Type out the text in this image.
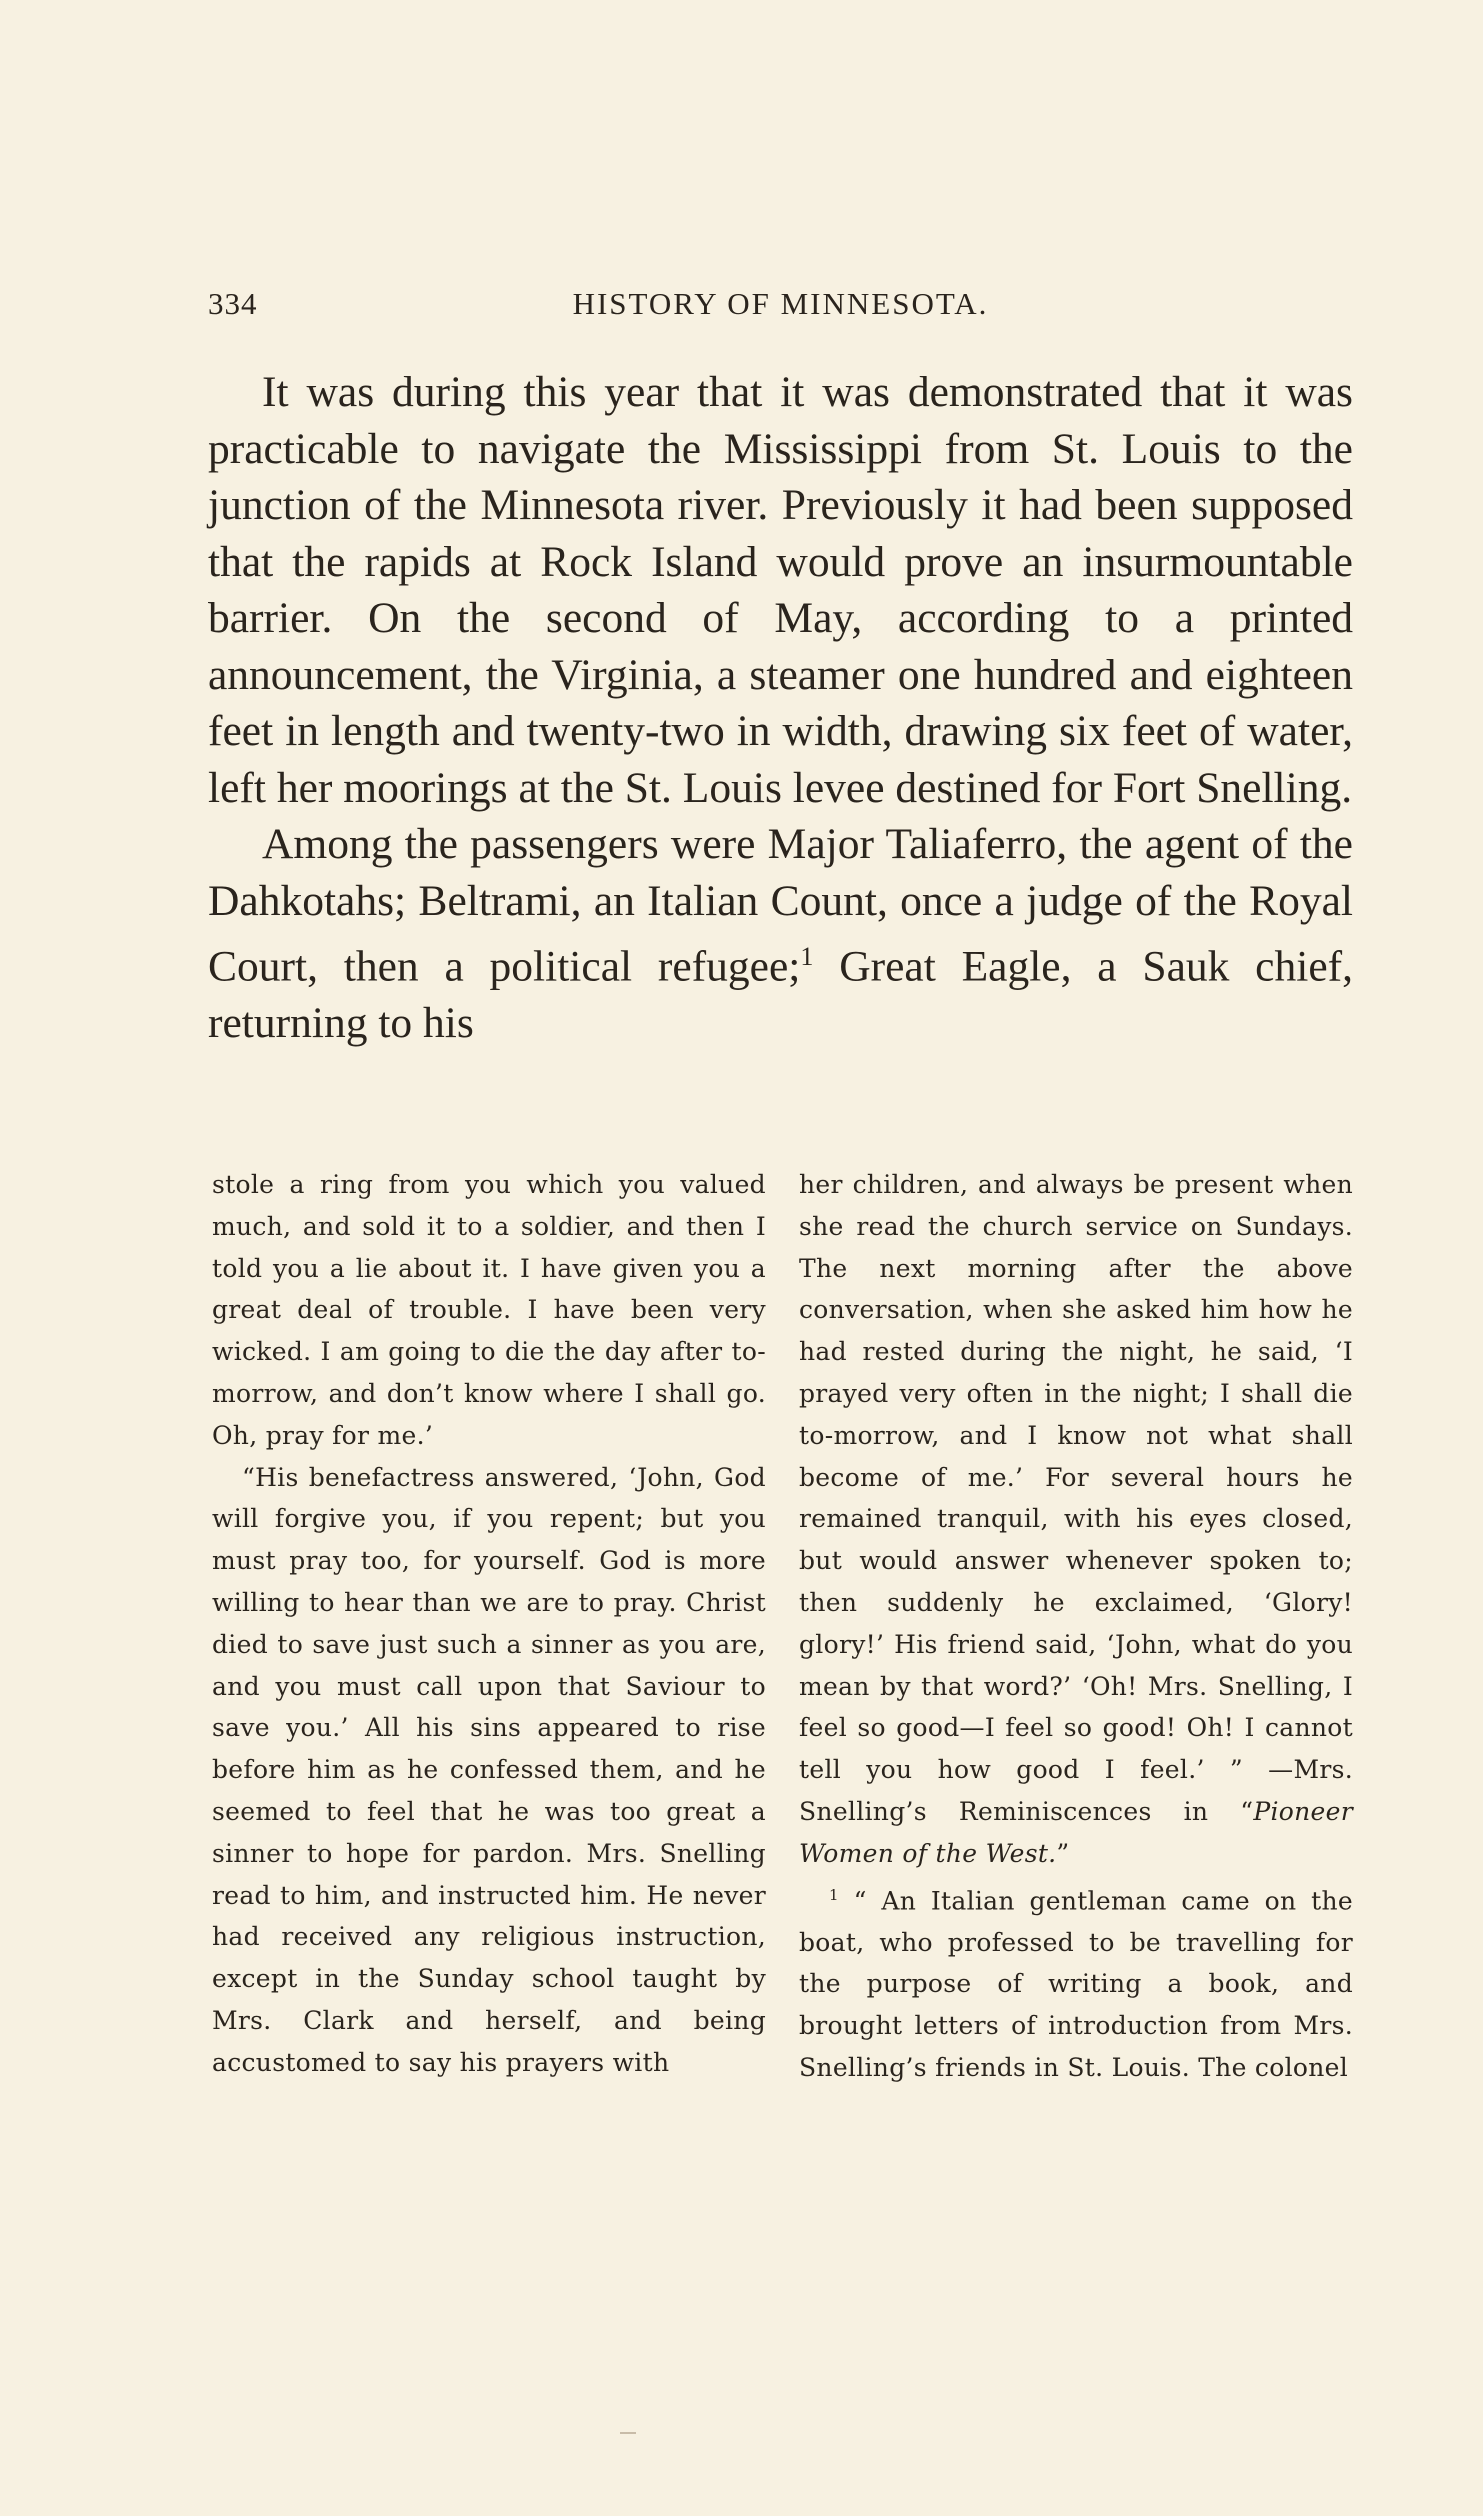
334	HISTORY OF MINNESOTA.

It was during this year that it was demonstrated that it was practicable to navigate the Mississippi from St. Louis to the junction of the Minnesota river. Previously it had been supposed that the rapids at Rock Island would prove an insurmountable barrier. On the second of May, according to a printed announcement, the Virginia, a steamer one hundred and eighteen feet in length and twenty-two in width, drawing six feet of water, left her moorings at the St. Louis levee destined for Fort Snelling.

Among the passengers were Major Taliaferro, the agent of the Dahkotahs; Beltrami, an Italian Count, once a judge of the Royal Court, then a political refugee;$^1$ Great Eagle, a Sauk chief, returning to his

stole a ring from you which you valued much, and sold it to a soldier, and then I told you a lie about it. I have given you a great deal of trouble. I have been very wicked. I am going to die the day after to-morrow, and don’t know where I shall go. Oh, pray for me.’

“His benefactress answered, ‘John, God will forgive you, if you repent; but you must pray too, for yourself. God is more willing to hear than we are to pray. Christ died to save just such a sinner as you are, and you must call upon that Saviour to save you.’ All his sins appeared to rise before him as he confessed them, and he seemed to feel that he was too great a sinner to hope for pardon. Mrs. Snelling read to him, and instructed him. He never had received any religious instruction, except in the Sunday school taught by Mrs. Clark and herself, and being accustomed to say his prayers with

her children, and always be present when she read the church service on Sundays. The next morning after the above conversation, when she asked him how he had rested during the night, he said, ‘I prayed very often in the night; I shall die to-morrow, and I know not what shall become of me.’ For several hours he remained tranquil, with his eyes closed, but would answer whenever spoken to; then suddenly he exclaimed, ‘Glory! glory!’ His friend said, ‘John, what do you mean by that word?’ ‘Oh! Mrs. Snelling, I feel so good—I feel so good! Oh! I cannot tell you how good I feel.’ ” —Mrs. Snelling’s Reminiscences in “Pioneer Women of the West.”

$^1$ “ An Italian gentleman came on the boat, who professed to be travelling for the purpose of writing a book, and brought letters of introduction from Mrs. Snelling’s friends in St. Louis. The colonel
